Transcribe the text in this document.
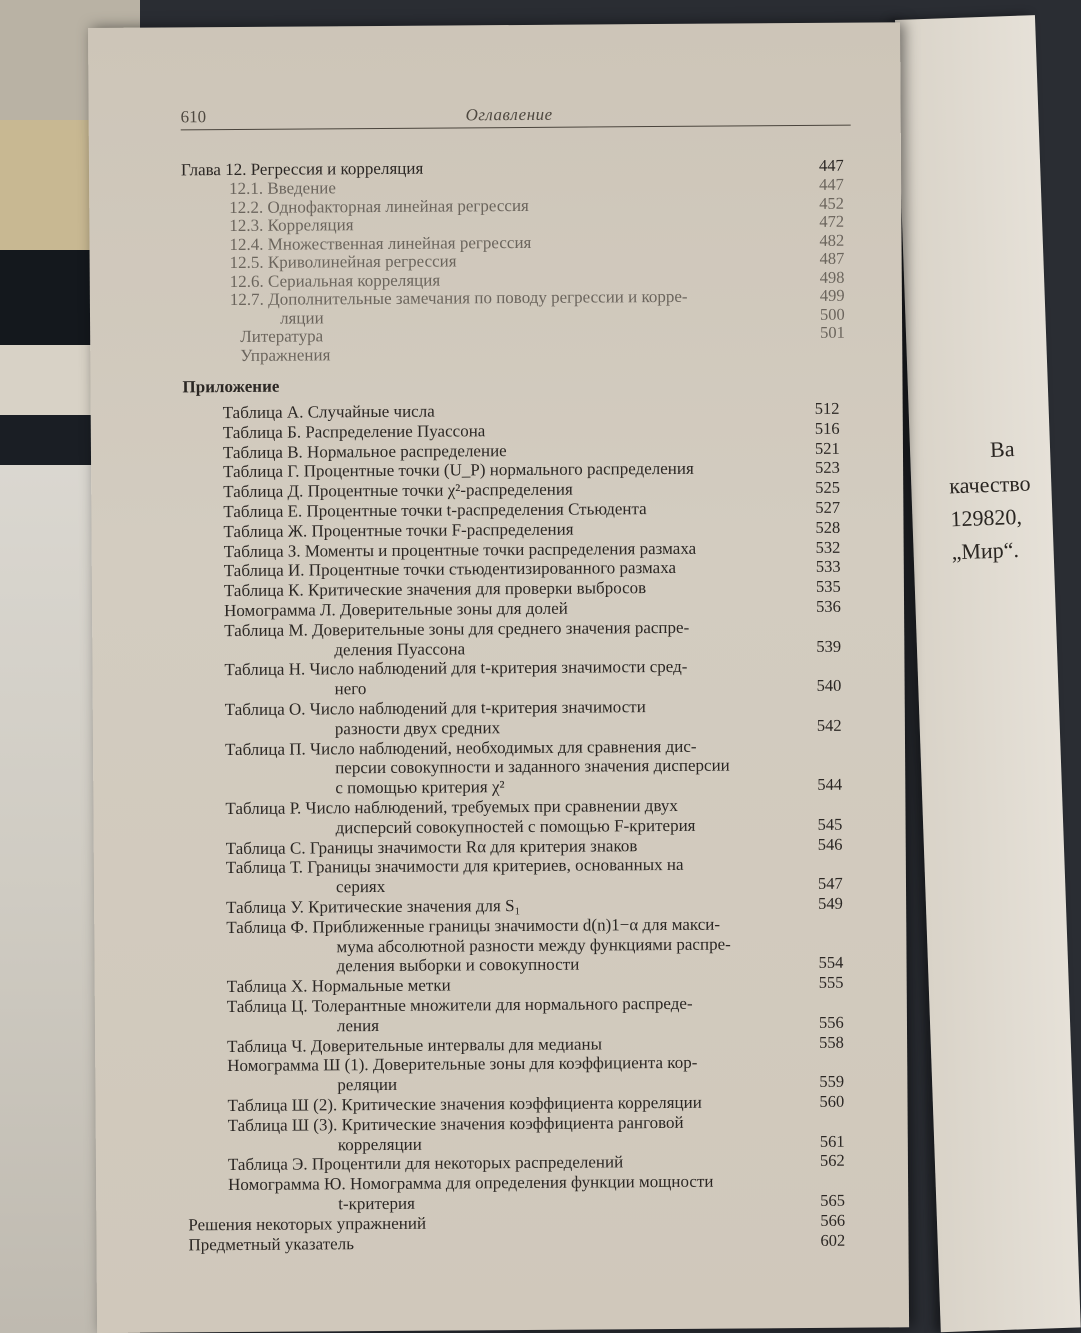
Ва
качество
129820,
„Мир“.
610	Оглавление
Глава 12. Регрессия и корреляция	447
12.1. Введение	447
12.2. Однофакторная линейная регрессия	452
12.3. Корреляция	472
12.4. Множественная линейная регрессия	482
12.5. Криволинейная регрессия	487
12.6. Сериальная корреляция	498
12.7. Дополнительные замечания по поводу регрессии и корре-	499
ляции	500
Литература	501
Упражнения
Приложение
Таблица А. Случайные числа	512
Таблица Б. Распределение Пуассона	516
Таблица В. Нормальное распределение	521
Таблица Г. Процентные точки (U_P) нормального распределения	523
Таблица Д. Процентные точки χ²-распределения	525
Таблица Е. Процентные точки t-распределения Стьюдента	527
Таблица Ж. Процентные точки F-распределения	528
Таблица З. Моменты и процентные точки распределения размаха	532
Таблица И. Процентные точки стьюдентизированного размаха	533
Таблица К. Критические значения для проверки выбросов	535
Номограмма Л. Доверительные зоны для долей	536
Таблица М. Доверительные зоны для среднего значения распре-
деления Пуассона	539
Таблица Н. Число наблюдений для t-критерия значимости сред-
него	540
Таблица О. Число наблюдений для t-критерия значимости
разности двух средних	542
Таблица П. Число наблюдений, необходимых для сравнения дис-
персии совокупности и заданного значения дисперсии
с помощью критерия χ²	544
Таблица Р. Число наблюдений, требуемых при сравнении двух
дисперсий совокупностей с помощью F-критерия	545
Таблица С. Границы значимости Rα для критерия знаков	546
Таблица Т. Границы значимости для критериев, основанных на
сериях	547
Таблица У. Критические значения для S₁	549
Таблица Ф. Приближенные границы значимости d(n)1−α для макси-
мума абсолютной разности между функциями распре-
деления выборки и совокупности	554
Таблица Х. Нормальные метки	555
Таблица Ц. Толерантные множители для нормального распреде-
ления	556
Таблица Ч. Доверительные интервалы для медианы	558
Номограмма Ш (1). Доверительные зоны для коэффициента кор-
реляции	559
Таблица Ш (2). Критические значения коэффициента корреляции	560
Таблица Ш (3). Критические значения коэффициента ранговой
корреляции	561
Таблица Э. Процентили для некоторых распределений	562
Номограмма Ю. Номограмма для определения функции мощности
t-критерия	565
Решения некоторых упражнений	566
Предметный указатель	602
